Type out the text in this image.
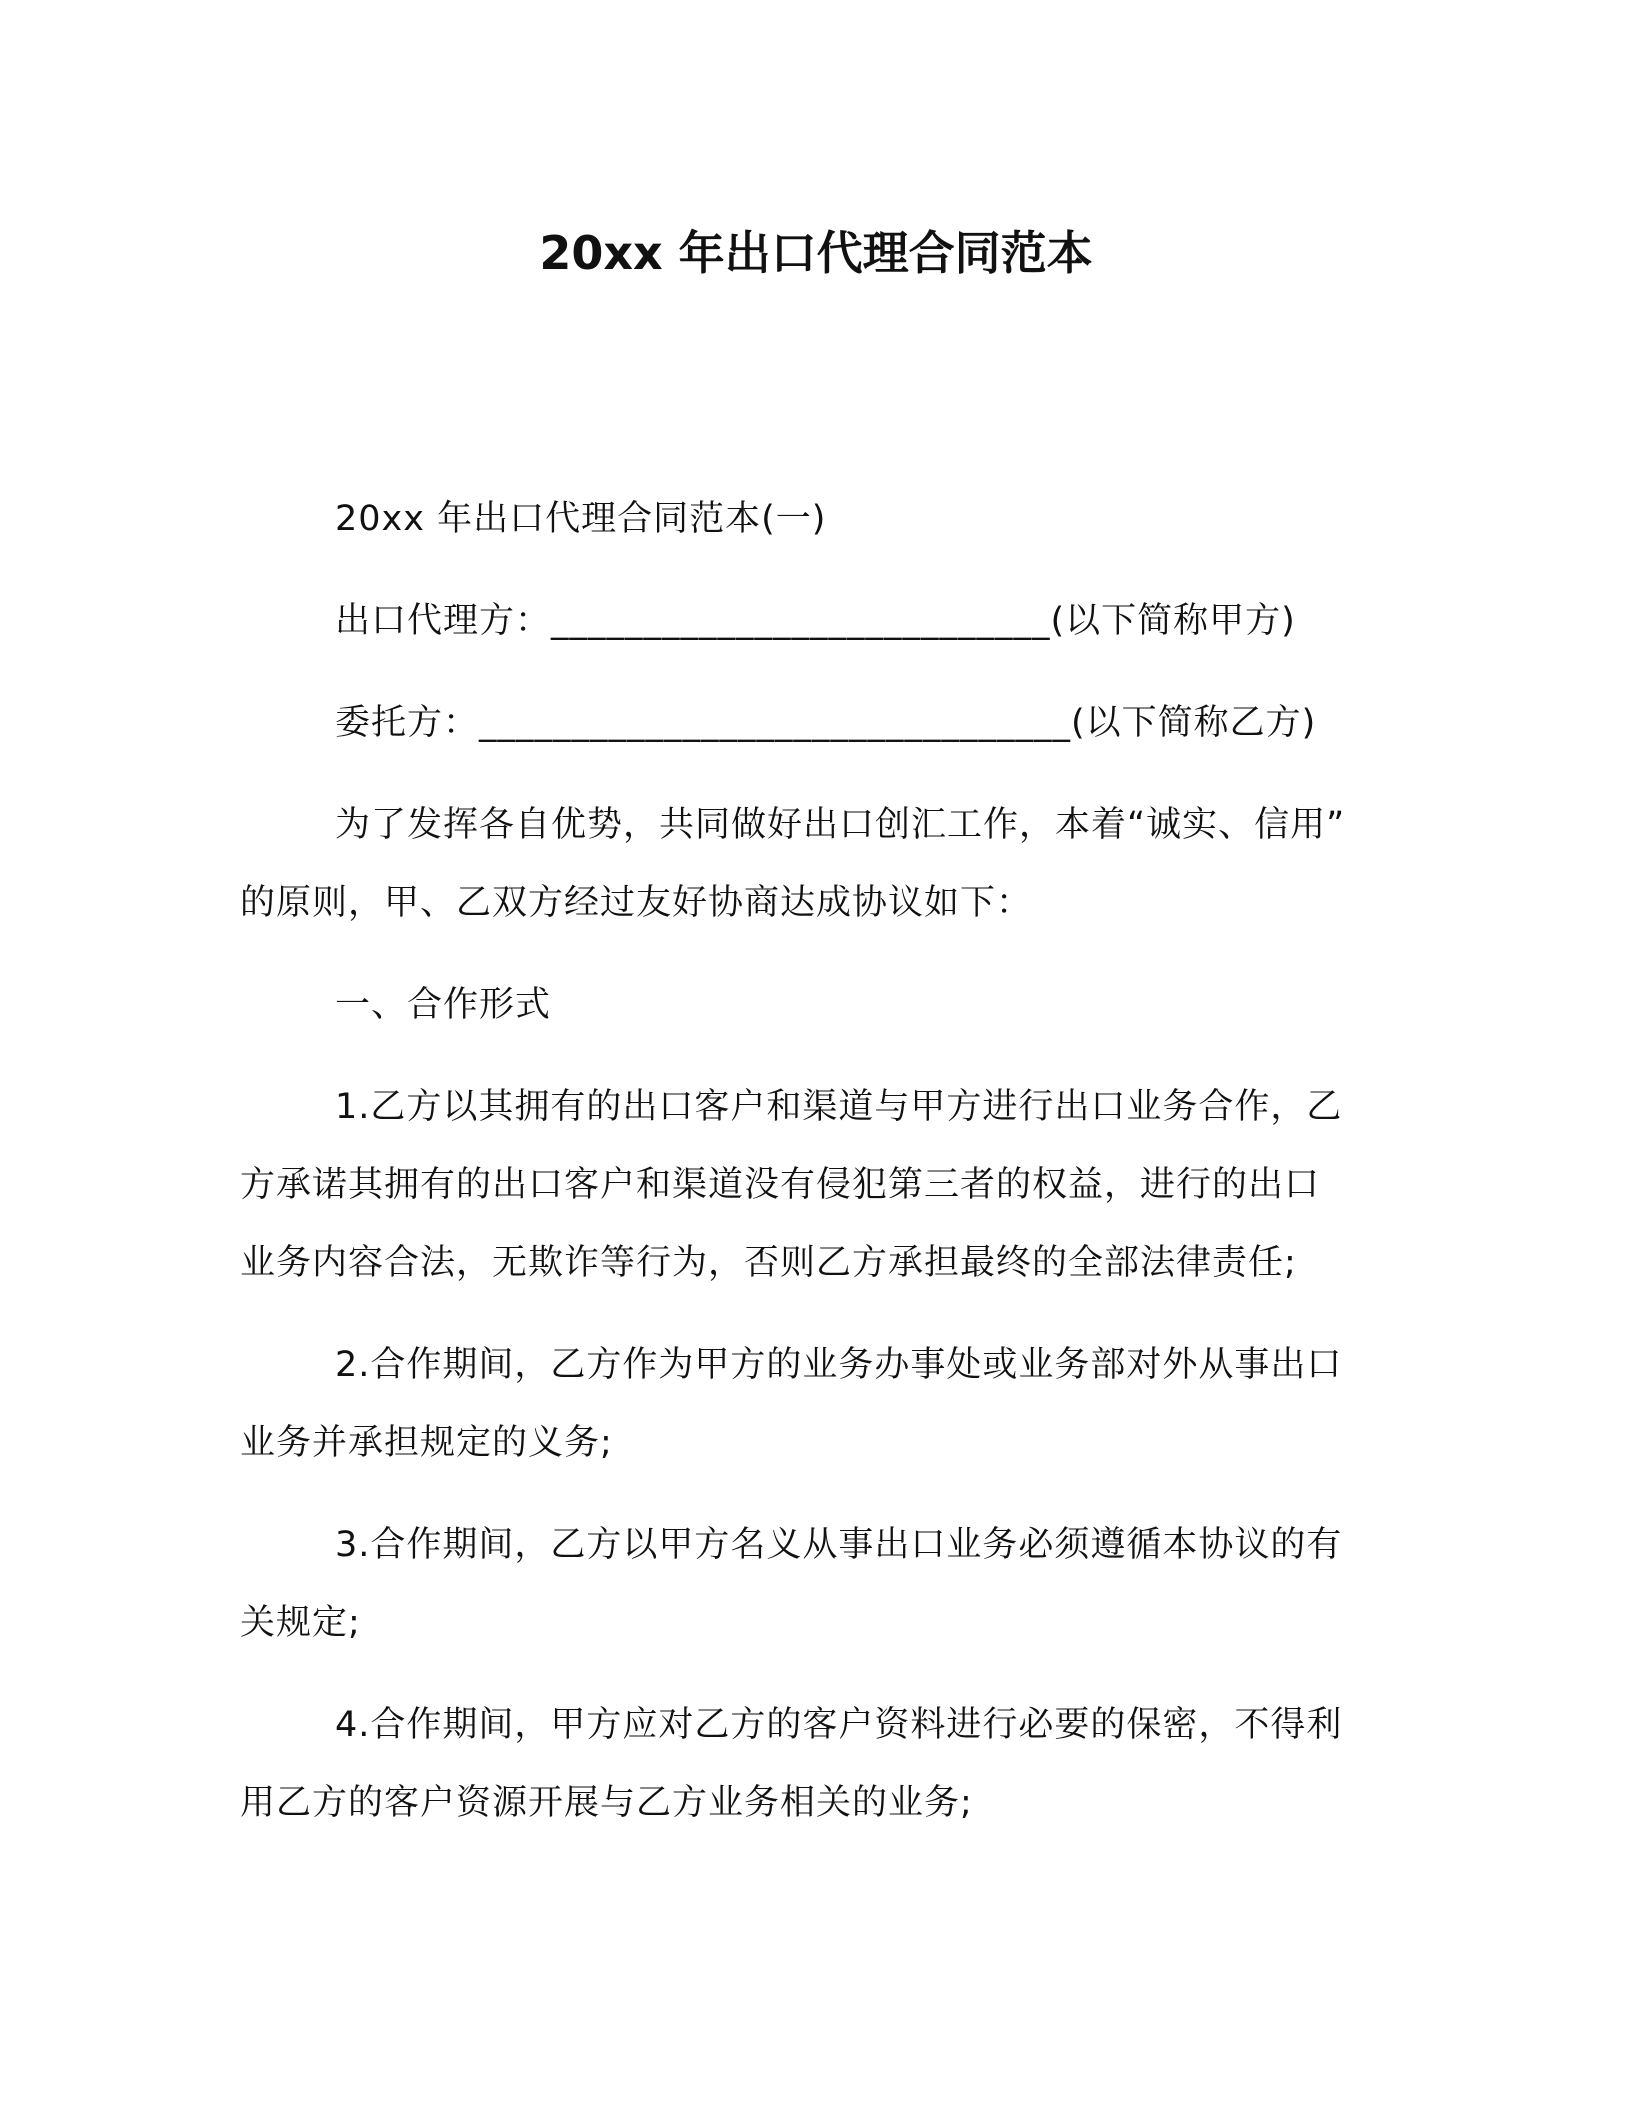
20xx 年出口代理合同范本
20xx 年出口代理合同范本(一)
出口代理方：___________________________(以下简称甲方)
委托方：________________________________(以下简称乙方)
为了发挥各自优势，共同做好出口创汇工作，本着“诚实、信用”
的原则，甲、乙双方经过友好协商达成协议如下：
一、合作形式
1.乙方以其拥有的出口客户和渠道与甲方进行出口业务合作，乙
方承诺其拥有的出口客户和渠道没有侵犯第三者的权益，进行的出口
业务内容合法，无欺诈等行为，否则乙方承担最终的全部法律责任;
2.合作期间，乙方作为甲方的业务办事处或业务部对外从事出口
业务并承担规定的义务;
3.合作期间，乙方以甲方名义从事出口业务必须遵循本协议的有
关规定;
4.合作期间，甲方应对乙方的客户资料进行必要的保密，不得利
用乙方的客户资源开展与乙方业务相关的业务;
